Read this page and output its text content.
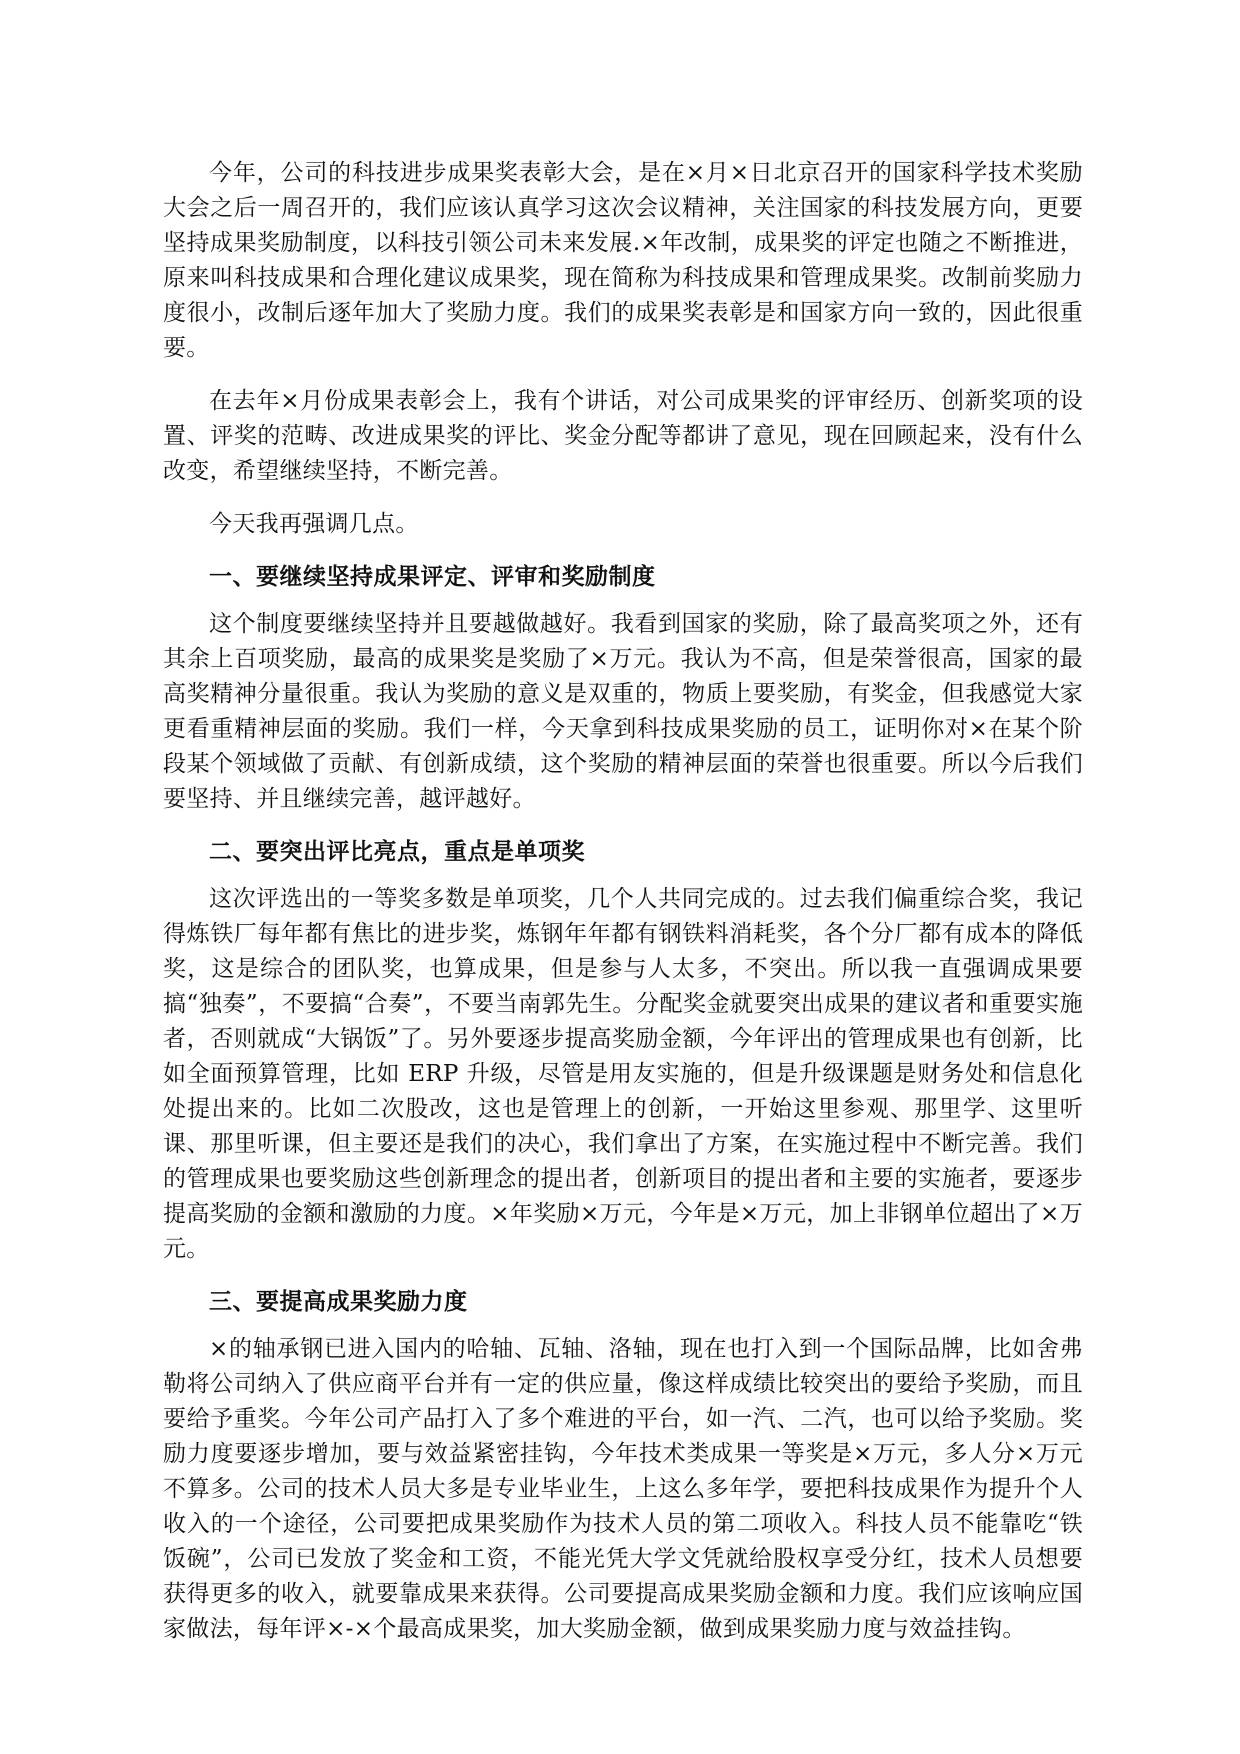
今年，公司的科技进步成果奖表彰大会，是在×月×日北京召开的国家科学技术奖励大会之后一周召开的，我们应该认真学习这次会议精神，关注国家的科技发展方向，更要坚持成果奖励制度，以科技引领公司未来发展.×年改制，成果奖的评定也随之不断推进，原来叫科技成果和合理化建议成果奖，现在简称为科技成果和管理成果奖。改制前奖励力度很小，改制后逐年加大了奖励力度。我们的成果奖表彰是和国家方向一致的，因此很重要。

在去年×月份成果表彰会上，我有个讲话，对公司成果奖的评审经历、创新奖项的设置、评奖的范畴、改进成果奖的评比、奖金分配等都讲了意见，现在回顾起来，没有什么改变，希望继续坚持，不断完善。

今天我再强调几点。

一、要继续坚持成果评定、评审和奖励制度

这个制度要继续坚持并且要越做越好。我看到国家的奖励，除了最高奖项之外，还有其余上百项奖励，最高的成果奖是奖励了×万元。我认为不高，但是荣誉很高，国家的最高奖精神分量很重。我认为奖励的意义是双重的，物质上要奖励，有奖金，但我感觉大家更看重精神层面的奖励。我们一样，今天拿到科技成果奖励的员工，证明你对×在某个阶段某个领域做了贡献、有创新成绩，这个奖励的精神层面的荣誉也很重要。所以今后我们要坚持、并且继续完善，越评越好。

二、要突出评比亮点，重点是单项奖

这次评选出的一等奖多数是单项奖，几个人共同完成的。过去我们偏重综合奖，我记得炼铁厂每年都有焦比的进步奖，炼钢年年都有钢铁料消耗奖，各个分厂都有成本的降低奖，这是综合的团队奖，也算成果，但是参与人太多，不突出。所以我一直强调成果要搞“独奏”，不要搞“合奏”，不要当南郭先生。分配奖金就要突出成果的建议者和重要实施者，否则就成“大锅饭”了。另外要逐步提高奖励金额，今年评出的管理成果也有创新，比如全面预算管理，比如 ERP 升级，尽管是用友实施的，但是升级课题是财务处和信息化处提出来的。比如二次股改，这也是管理上的创新，一开始这里参观、那里学、这里听课、那里听课，但主要还是我们的决心，我们拿出了方案，在实施过程中不断完善。我们的管理成果也要奖励这些创新理念的提出者，创新项目的提出者和主要的实施者，要逐步提高奖励的金额和激励的力度。×年奖励×万元，今年是×万元，加上非钢单位超出了×万元。

三、要提高成果奖励力度

×的轴承钢已进入国内的哈轴、瓦轴、洛轴，现在也打入到一个国际品牌，比如舍弗勒将公司纳入了供应商平台并有一定的供应量，像这样成绩比较突出的要给予奖励，而且要给予重奖。今年公司产品打入了多个难进的平台，如一汽、二汽，也可以给予奖励。奖励力度要逐步增加，要与效益紧密挂钩，今年技术类成果一等奖是×万元，多人分×万元不算多。公司的技术人员大多是专业毕业生，上这么多年学，要把科技成果作为提升个人收入的一个途径，公司要把成果奖励作为技术人员的第二项收入。科技人员不能靠吃“铁饭碗”，公司已发放了奖金和工资，不能光凭大学文凭就给股权享受分红，技术人员想要获得更多的收入，就要靠成果来获得。公司要提高成果奖励金额和力度。我们应该响应国家做法，每年评×-×个最高成果奖，加大奖励金额，做到成果奖励力度与效益挂钩。
